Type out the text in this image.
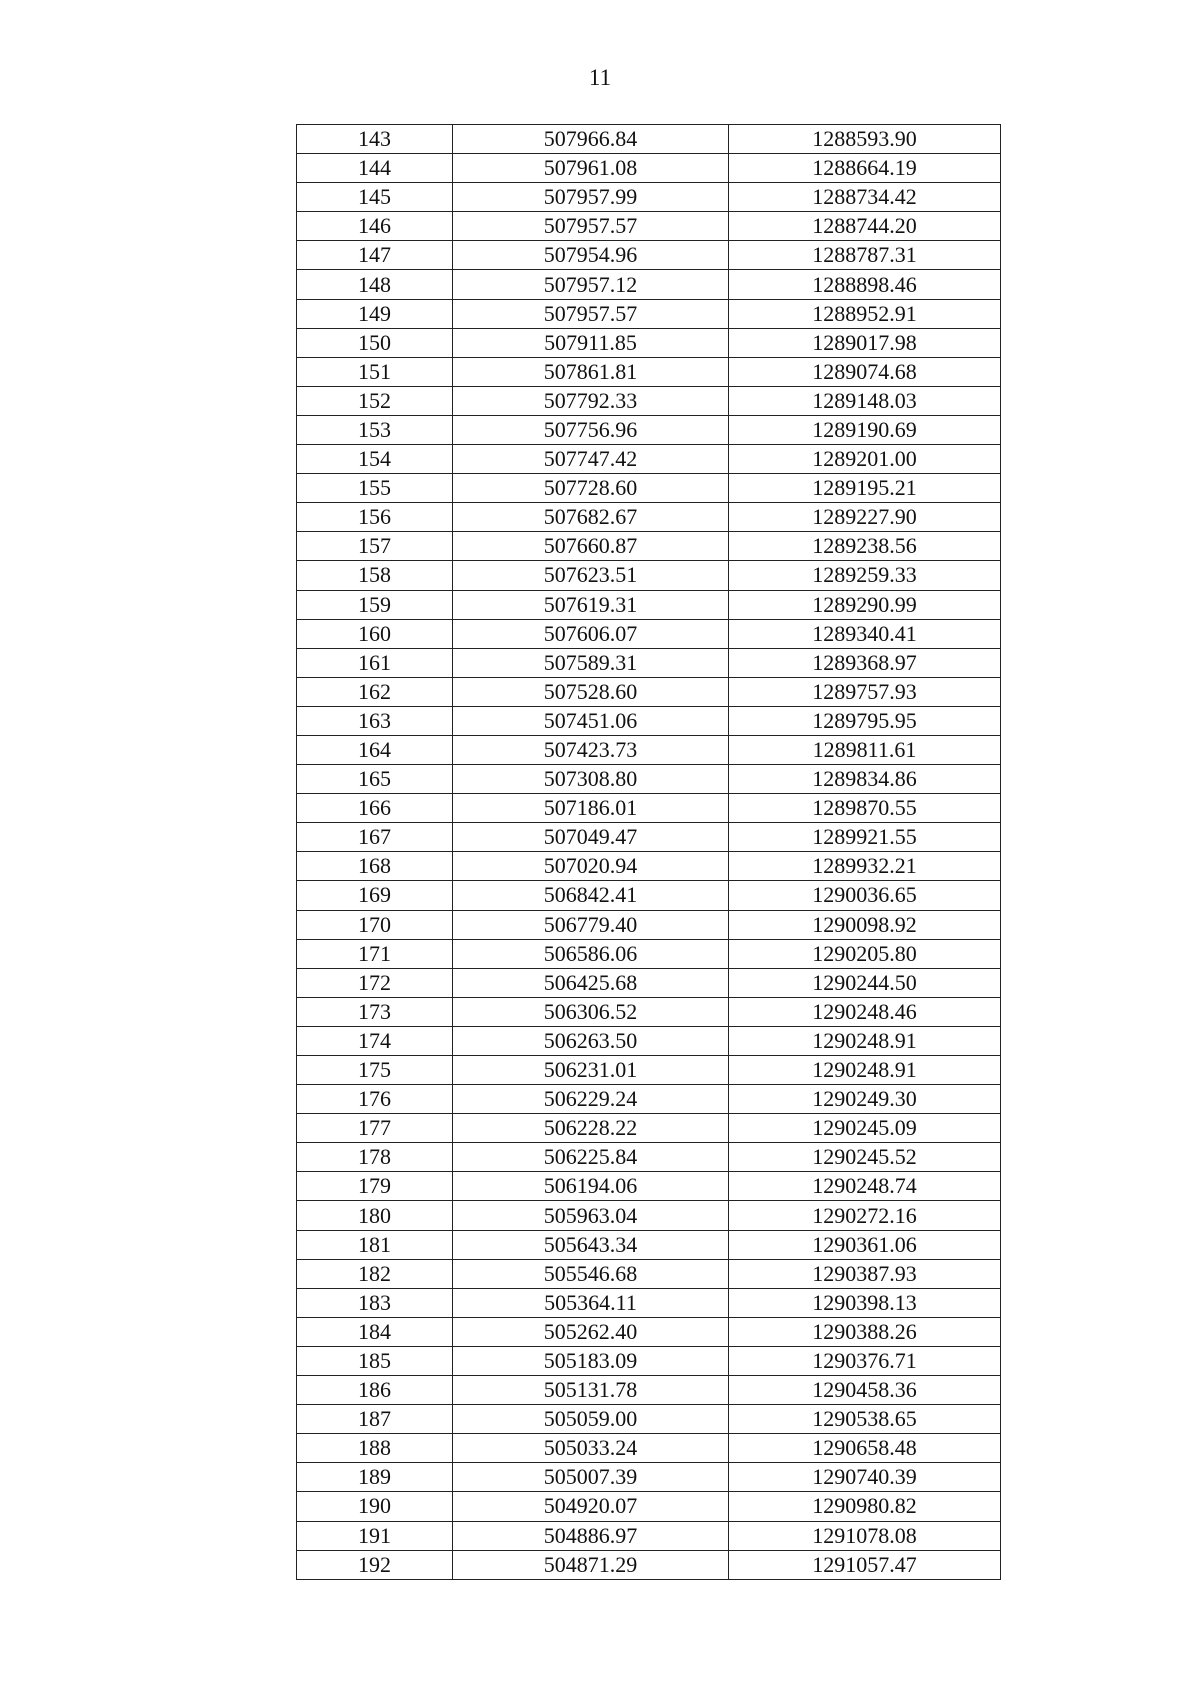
11
143	507966.84	1288593.90
144	507961.08	1288664.19
145	507957.99	1288734.42
146	507957.57	1288744.20
147	507954.96	1288787.31
148	507957.12	1288898.46
149	507957.57	1288952.91
150	507911.85	1289017.98
151	507861.81	1289074.68
152	507792.33	1289148.03
153	507756.96	1289190.69
154	507747.42	1289201.00
155	507728.60	1289195.21
156	507682.67	1289227.90
157	507660.87	1289238.56
158	507623.51	1289259.33
159	507619.31	1289290.99
160	507606.07	1289340.41
161	507589.31	1289368.97
162	507528.60	1289757.93
163	507451.06	1289795.95
164	507423.73	1289811.61
165	507308.80	1289834.86
166	507186.01	1289870.55
167	507049.47	1289921.55
168	507020.94	1289932.21
169	506842.41	1290036.65
170	506779.40	1290098.92
171	506586.06	1290205.80
172	506425.68	1290244.50
173	506306.52	1290248.46
174	506263.50	1290248.91
175	506231.01	1290248.91
176	506229.24	1290249.30
177	506228.22	1290245.09
178	506225.84	1290245.52
179	506194.06	1290248.74
180	505963.04	1290272.16
181	505643.34	1290361.06
182	505546.68	1290387.93
183	505364.11	1290398.13
184	505262.40	1290388.26
185	505183.09	1290376.71
186	505131.78	1290458.36
187	505059.00	1290538.65
188	505033.24	1290658.48
189	505007.39	1290740.39
190	504920.07	1290980.82
191	504886.97	1291078.08
192	504871.29	1291057.47
